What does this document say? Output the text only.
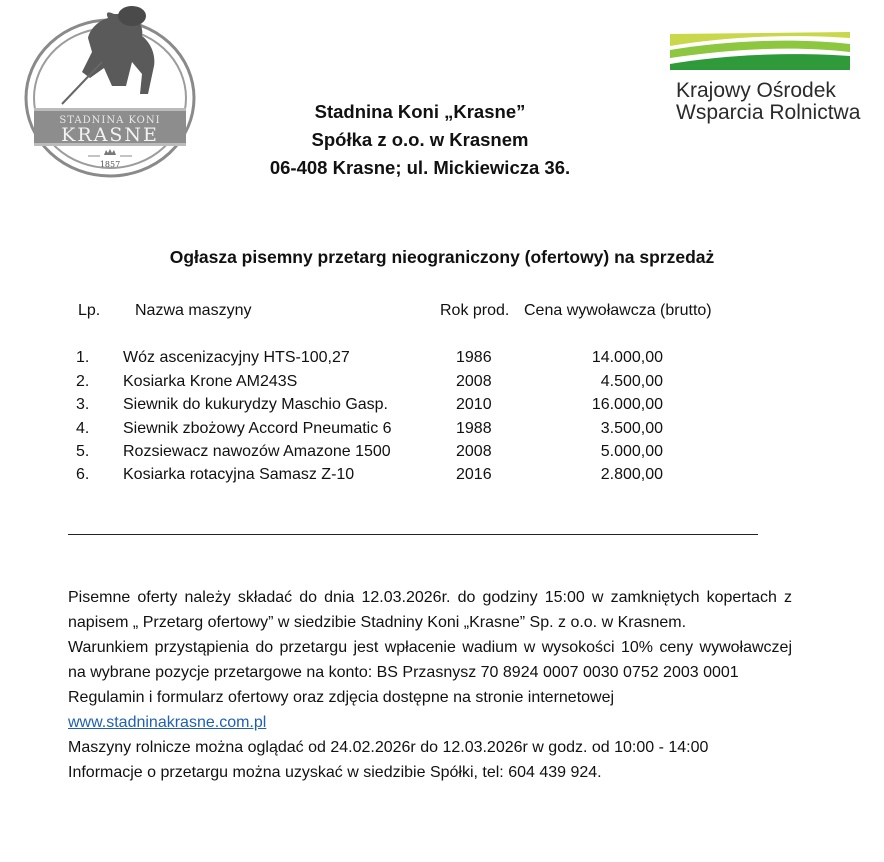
STADNINA KONI
KRASNE
1857
Krajowy Ośrodek
Wsparcia Rolnictwa
Stadnina Koni „Krasne”
Spółka z o.o. w Krasnem
06-408 Krasne; ul. Mickiewicza 36.
Ogłasza pisemny przetarg nieograniczony (ofertowy) na sprzedaż
Lp. Nazwa maszyny	Rok prod. Cena wywoławcza (brutto)
1. Wóz ascenizacyjny HTS-100,27	1986	14.000,00
2. Kosiarka Krone AM243S	2008	4.500,00
3. Siewnik do kukurydzy Maschio Gasp.	2010	16.000,00
4. Siewnik zbożowy Accord Pneumatic 6	1988	3.500,00
5. Rozsiewacz nawozów Amazone 1500	2008	5.000,00
6. Kosiarka rotacyjna Samasz Z-10	2016	2.800,00

Pisemne oferty należy składać do dnia 12.03.2026r. do godziny 15:00 w zamkniętych kopertach z napisem „ Przetarg ofertowy” w siedzibie Stadniny Koni „Krasne” Sp. z o.o. w Krasnem.

Warunkiem przystąpienia do przetargu jest wpłacenie wadium w wysokości 10% ceny wywoławczej na wybrane pozycje przetargowe na konto: BS Przasnysz 70 8924 0007 0030 0752 2003 0001

Regulamin i formularz ofertowy oraz zdjęcia dostępne na stronie internetowej

www.stadninakrasne.com.pl

Maszyny rolnicze można oglądać od 24.02.2026r do 12.03.2026r w godz. od 10:00 - 14:00

Informacje o przetargu można uzyskać w siedzibie Spółki, tel: 604 439 924.
